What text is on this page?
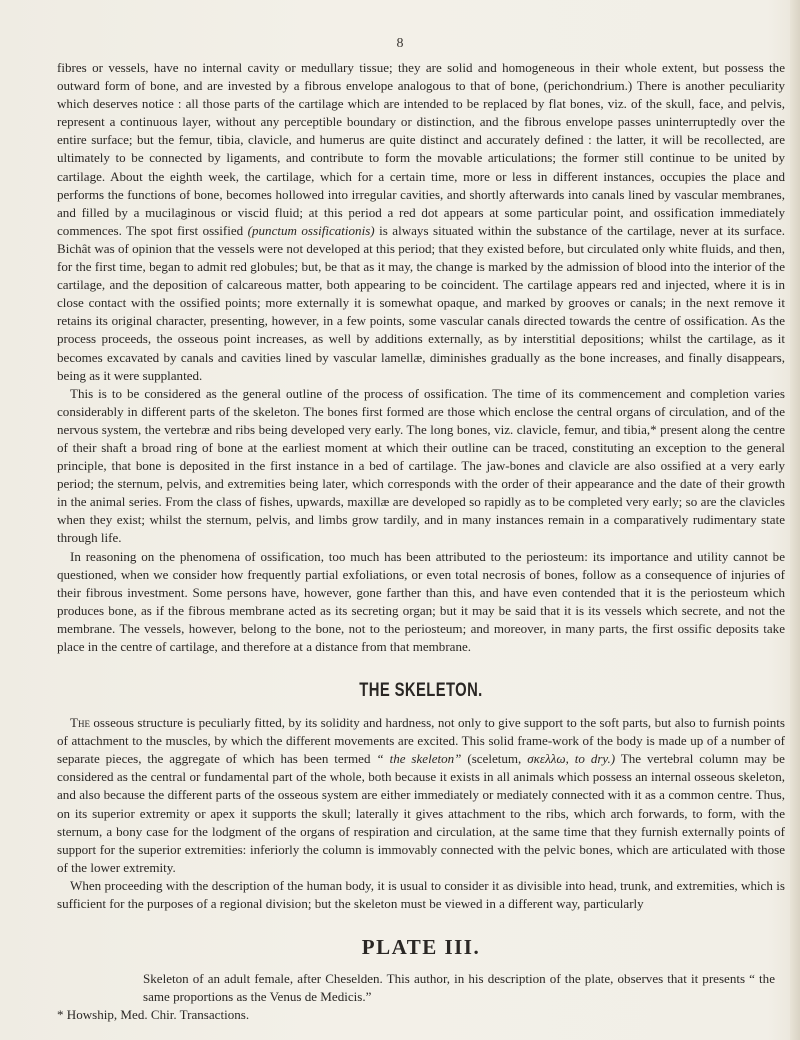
8

fibres or vessels, have no internal cavity or medullary tissue; they are solid and homogeneous in their whole extent, but possess the outward form of bone, and are invested by a fibrous envelope analogous to that of bone, (perichondrium.) There is another peculiarity which deserves notice : all those parts of the cartilage which are intended to be replaced by flat bones, viz. of the skull, face, and pelvis, represent a continuous layer, without any perceptible boundary or distinction, and the fibrous envelope passes uninterruptedly over the entire surface; but the femur, tibia, clavicle, and humerus are quite distinct and accurately defined : the latter, it will be recollected, are ultimately to be connected by ligaments, and contribute to form the movable articulations; the former still continue to be united by cartilage. About the eighth week, the cartilage, which for a certain time, more or less in different instances, occupies the place and performs the functions of bone, becomes hollowed into irregular cavities, and shortly afterwards into canals lined by vascular membranes, and filled by a mucilaginous or viscid fluid; at this period a red dot appears at some particular point, and ossification immediately commences. The spot first ossified (punctum ossificationis) is always situated within the substance of the cartilage, never at its surface. Bichât was of opinion that the vessels were not developed at this period; that they existed before, but circulated only white fluids, and then, for the first time, began to admit red globules; but, be that as it may, the change is marked by the admission of blood into the interior of the cartilage, and the deposition of calcareous matter, both appearing to be coincident. The cartilage appears red and injected, where it is in close contact with the ossified points; more externally it is somewhat opaque, and marked by grooves or canals; in the next remove it retains its original character, presenting, however, in a few points, some vascular canals directed towards the centre of ossification. As the process proceeds, the osseous point increases, as well by additions externally, as by interstitial depositions; whilst the cartilage, as it becomes excavated by canals and cavities lined by vascular lamellæ, diminishes gradually as the bone increases, and finally disappears, being as it were supplanted.

This is to be considered as the general outline of the process of ossification. The time of its commencement and completion varies considerably in different parts of the skeleton. The bones first formed are those which enclose the central organs of circulation, and of the nervous system, the vertebræ and ribs being developed very early. The long bones, viz. clavicle, femur, and tibia,* present along the centre of their shaft a broad ring of bone at the earliest moment at which their outline can be traced, constituting an exception to the general principle, that bone is deposited in the first instance in a bed of cartilage. The jaw-bones and clavicle are also ossified at a very early period; the sternum, pelvis, and extremities being later, which corresponds with the order of their appearance and the date of their growth in the animal series. From the class of fishes, upwards, maxillæ are developed so rapidly as to be completed very early; so are the clavicles when they exist; whilst the sternum, pelvis, and limbs grow tardily, and in many instances remain in a comparatively rudimentary state through life.

In reasoning on the phenomena of ossification, too much has been attributed to the periosteum: its importance and utility cannot be questioned, when we consider how frequently partial exfoliations, or even total necrosis of bones, follow as a consequence of injuries of their fibrous investment. Some persons have, however, gone farther than this, and have even contended that it is the periosteum which produces bone, as if the fibrous membrane acted as its secreting organ; but it may be said that it is its vessels which secrete, and not the membrane. The vessels, however, belong to the bone, not to the periosteum; and moreover, in many parts, the first ossific deposits take place in the centre of cartilage, and therefore at a distance from that membrane.

THE SKELETON.

The osseous structure is peculiarly fitted, by its solidity and hardness, not only to give support to the soft parts, but also to furnish points of attachment to the muscles, by which the different movements are excited. This solid frame-work of the body is made up of a number of separate pieces, the aggregate of which has been termed “ the skeleton” (sceletum, σκελλω, to dry.) The vertebral column may be considered as the central or fundamental part of the whole, both because it exists in all animals which possess an internal osseous skeleton, and also because the different parts of the osseous system are either immediately or mediately connected with it as a common centre. Thus, on its superior extremity or apex it supports the skull; laterally it gives attachment to the ribs, which arch forwards, to form, with the sternum, a bony case for the lodgment of the organs of respiration and circulation, at the same time that they furnish externally points of support for the superior extremities: inferiorly the column is immovably connected with the pelvic bones, which are articulated with those of the lower extremity.

When proceeding with the description of the human body, it is usual to consider it as divisible into head, trunk, and extremities, which is sufficient for the purposes of a regional division; but the skeleton must be viewed in a different way, particularly

PLATE III.

Skeleton of an adult female, after Cheselden. This author, in his description of the plate, observes that it presents “ the same proportions as the Venus de Medicis.”

* Howship, Med. Chir. Transactions.
